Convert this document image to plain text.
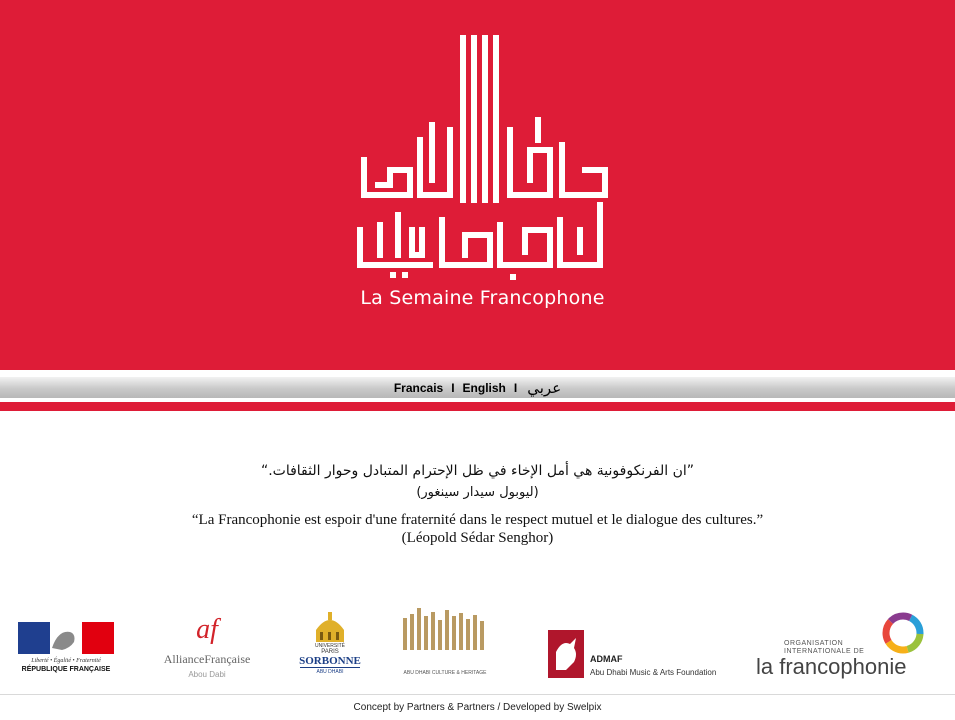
La Semaine Francophone
Francais I English I عربي
”ان الفرنكوفونية هي أمل الإخاء في ظل الإحترام المتبادل وحوار الثقافات.“
(ليوبول سيدار سينغور)
“La Francophonie est espoir d'une fraternité dans le respect mutuel et le dialogue des cultures.”
(Léopold Sédar Senghor)
Liberté • Égalité • Fraternité
RÉPUBLIQUE FRANÇAISE
af
AllianceFrançaise
Abou Dabi
UNIVERSITÉ
PARIS
SORBONNE
ABU DHABI	ABU DHABI CULTURE & HERITAGE
ADMAF
Abu Dhabi Music & Arts Foundation
ORGANISATION
INTERNATIONALE DE
la francophonie
Concept by Partners & Partners / Developed by Swelpix
